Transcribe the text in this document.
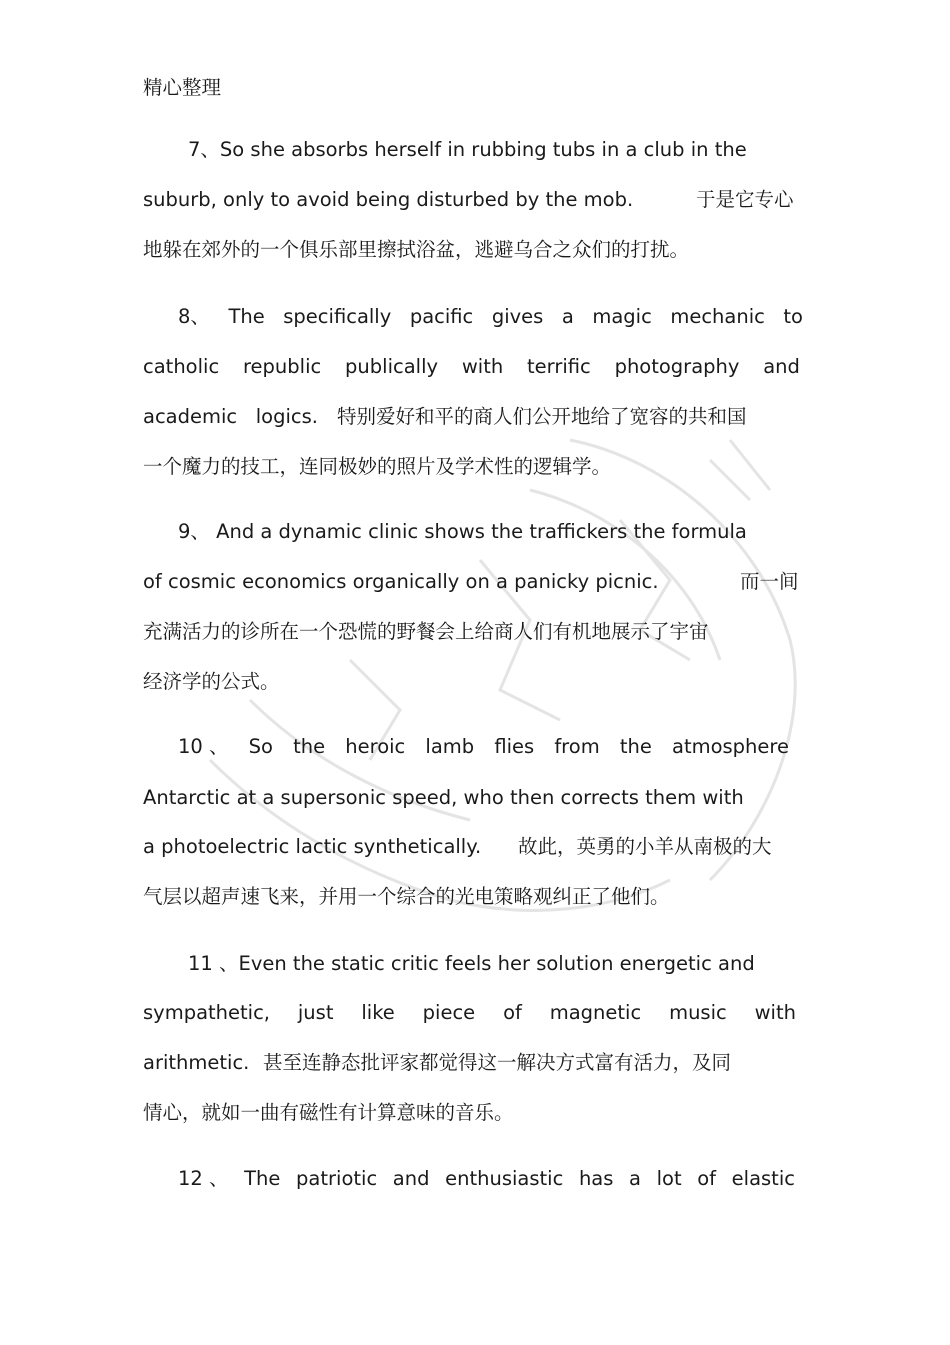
精心整理
7、So she absorbs herself in rubbing tubs in a club in the
suburb, only to avoid being disturbed by the mob.	于是它专心
地躲在郊外的一个俱乐部里擦拭浴盆，逃避乌合之众们的打扰。
8、 The specifically pacific gives a magic mechanic to
catholic republic publically with terrific photography and
academic   logics. 特别爱好和平的商人们公开地给了宽容的共和国
一个魔力的技工，连同极妙的照片及学术性的逻辑学。
9、 And a dynamic clinic shows the traffickers the formula
of cosmic economics organically on a panicky picnic.	而一间
充满活力的诊所在一个恐慌的野餐会上给商人们有机地展示了宇宙
经济学的公式。
10 、 So the heroic lamb flies from the atmosphere
Antarctic at a supersonic speed, who then corrects them with
a photoelectric lactic synthetically. 故此，英勇的小羊从南极的大
气层以超声速飞来，并用一个综合的光电策略观纠正了他们。
11 、Even the static critic feels her solution energetic and
sympathetic, just like piece of magnetic music with
arithmetic. 甚至连静态批评家都觉得这一解决方式富有活力，及同
情心，就如一曲有磁性有计算意味的音乐。
12 、 The patriotic and enthusiastic has a lot of elastic
